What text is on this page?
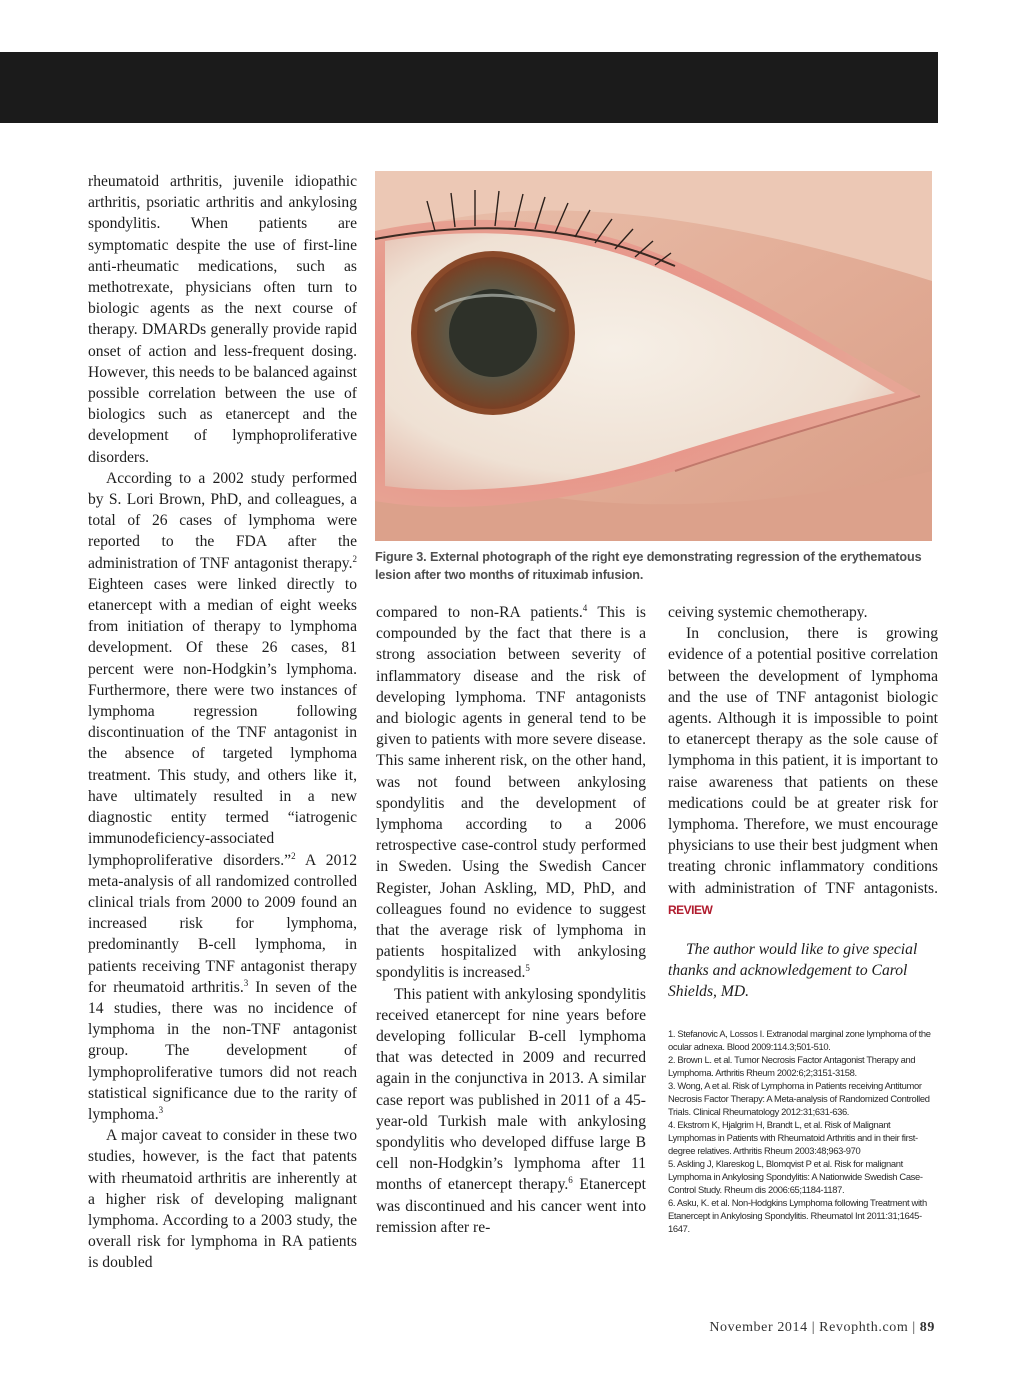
rheumatoid arthritis, juvenile idiopathic arthritis, psoriatic arthritis and ankylosing spondylitis. When patients are symptomatic despite the use of first-line anti-rheumatic medications, such as methotrexate, physicians often turn to biologic agents as the next course of therapy. DMARDs generally provide rapid onset of action and less-frequent dosing. However, this needs to be balanced against possible correlation between the use of biologics such as etanercept and the development of lymphoproliferative disorders.

According to a 2002 study performed by S. Lori Brown, PhD, and colleagues, a total of 26 cases of lymphoma were reported to the FDA after the administration of TNF antagonist therapy.$^2$ Eighteen cases were linked directly to etanercept with a median of eight weeks from initiation of therapy to lymphoma development. Of these 26 cases, 81 percent were non-Hodgkin’s lymphoma. Furthermore, there were two instances of lymphoma regression following discontinuation of the TNF antagonist in the absence of targeted lymphoma treatment. This study, and others like it, have ultimately resulted in a new diagnostic entity termed “iatrogenic immunodeficiency-associated lymphoproliferative disorders.”$^2$ A 2012 meta-analysis of all randomized controlled clinical trials from 2000 to 2009 found an increased risk for lymphoma, predominantly B-cell lymphoma, in patients receiving TNF antagonist therapy for rheumatoid arthritis.$^3$ In seven of the 14 studies, there was no incidence of lymphoma in the non-TNF antagonist group. The development of lymphoproliferative tumors did not reach statistical significance due to the rarity of lymphoma.$^3$

A major caveat to consider in these two studies, however, is the fact that patents with rheumatoid arthritis are inherently at a higher risk of developing malignant lymphoma. According to a 2003 study, the overall risk for lymphoma in RA patients is doubled

Figure 3. External photograph of the right eye demonstrating regression of the erythematous lesion after two months of rituximab infusion.

compared to non-RA patients.$^4$ This is compounded by the fact that there is a strong association between severity of inflammatory disease and the risk of developing lymphoma. TNF antagonists and biologic agents in general tend to be given to patients with more severe disease. This same inherent risk, on the other hand, was not found between ankylosing spondylitis and the development of lymphoma according to a 2006 retrospective case-control study performed in Sweden. Using the Swedish Cancer Register, Johan Askling, MD, PhD, and colleagues found no evidence to suggest that the average risk of lymphoma in patients hospitalized with ankylosing spondylitis is increased.$^5$

This patient with ankylosing spondylitis received etanercept for nine years before developing follicular B-cell lymphoma that was detected in 2009 and recurred again in the conjunctiva in 2013. A similar case report was published in 2011 of a 45-year-old Turkish male with ankylosing spondylitis who developed diffuse large B cell non-Hodgkin’s lymphoma after 11 months of etanercept therapy.$^6$ Etanercept was discontinued and his cancer went into remission after re-

ceiving systemic chemotherapy.

In conclusion, there is growing evidence of a potential positive correlation between the development of lymphoma and the use of TNF antagonist biologic agents. Although it is impossible to point to etanercept therapy as the sole cause of lymphoma in this patient, it is important to raise awareness that patients on these medications could be at greater risk for lymphoma. Therefore, we must encourage physicians to use their best judgment when treating chronic inflammatory conditions with administration of TNF antagonists. REVIEW

The author would like to give special thanks and acknowledgement to Carol Shields, MD.

1. Stefanovic A, Lossos I. Extranodal marginal zone lymphoma of the ocular adnexa. Blood 2009:114.3;501-510.
2. Brown L. et al. Tumor Necrosis Factor Antagonist Therapy and Lymphoma. Arthritis Rheum 2002:6;2;3151-3158.
3. Wong, A et al. Risk of Lymphoma in Patients receiving Antitumor Necrosis Factor Therapy: A Meta-analysis of Randomized Controlled Trials. Clinical Rheumatology 2012:31;631-636.
4. Ekstrom K, Hjalgrim H, Brandt L, et al. Risk of Malignant Lymphomas in Patients with Rheumatoid Arthritis and in their first-degree relatives. Arthritis Rheum 2003:48;963-970
5. Askling J, Klareskog L, Blomqvist P et al. Risk for malignant Lymphoma in Ankylosing Spondylitis: A Nationwide Swedish Case-Control Study. Rheum dis 2006:65;1184-1187.
6. Asku, K. et al. Non-Hodgkins Lymphoma following Treatment with Etanercept in Ankylosing Spondylitis. Rheumatol Int 2011:31;1645-1647.
November 2014 | Revophth.com | 89
